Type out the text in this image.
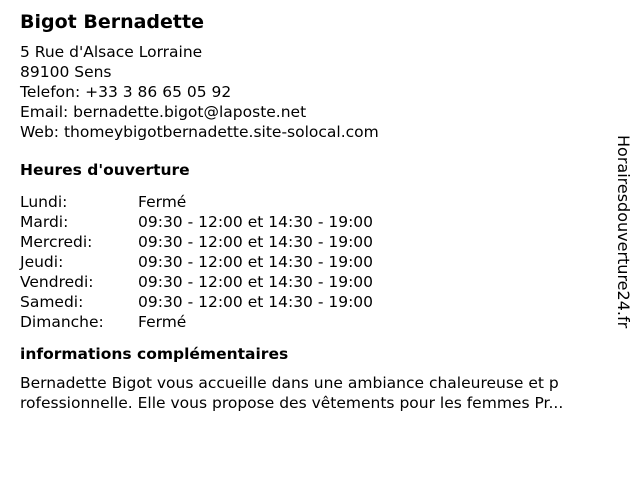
Bigot Bernadette
5 Rue d'Alsace Lorraine
89100 Sens
Telefon: +33 3 86 65 05 92
Email: bernadette.bigot@laposte.net
Web: thomeybigotbernadette.site-solocal.com
Heures d'ouverture
Lundi:	Fermé
Mardi:	09:30 - 12:00 et 14:30 - 19:00
Mercredi:	09:30 - 12:00 et 14:30 - 19:00
Jeudi:	09:30 - 12:00 et 14:30 - 19:00
Vendredi:	09:30 - 12:00 et 14:30 - 19:00
Samedi:	09:30 - 12:00 et 14:30 - 19:00
Dimanche:	Fermé
informations complémentaires
Bernadette Bigot vous accueille dans une ambiance chaleureuse et p
rofessionnelle. Elle vous propose des vêtements pour les femmes Pr...
Horairesdouverture24.fr
